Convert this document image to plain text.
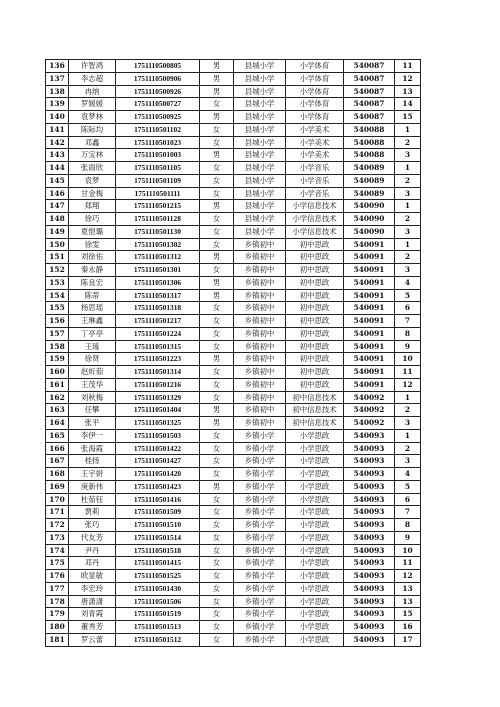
136	许智鸿	1751110500805	男	县城小学	小学体育	540087	11
137	李志超	1751110500906	男	县城小学	小学体育	540087	12
138	冉纳	1751110500926	男	县城小学	小学体育	540087	13
139	罗媛媛	1751110500727	女	县城小学	小学体育	540087	14
140	袁梦林	1751110500925	男	县城小学	小学体育	540087	15
141	陈际均	1751110501102	女	县城小学	小学美术	540088	1
142	邓鑫	1751110501023	女	县城小学	小学美术	540088	2
143	万宝林	1751110501003	男	县城小学	小学美术	540088	3
144	张雨欣	1751110501105	女	县城小学	小学音乐	540089	1
145	袁梦	1751110501109	女	县城小学	小学音乐	540089	2
146	甘金梅	1751110501111	女	县城小学	小学音乐	540089	3
147	郑翔	1751110501215	男	县城小学	小学信息技术	540090	1
148	徐巧	1751110501128	女	县城小学	小学信息技术	540090	2
149	夏悒璐	1751110501130	女	县城小学	小学信息技术	540090	3
150	徐雯	1751110501302	女	乡镇初中	初中思政	540091	1
151	刘徐佑	1751110501312	男	乡镇初中	初中思政	540091	2
152	秦永静	1751110501301	女	乡镇初中	初中思政	540091	3
153	陈良宏	1751110501306	男	乡镇初中	初中思政	540091	4
154	陈蒂	1751110501317	男	乡镇初中	初中思政	540091	5
155	杨思瑶	1751110501318	女	乡镇初中	初中思政	540091	6
156	王琳鑫	1751110501217	女	乡镇初中	初中思政	540091	7
157	丁亭亭	1751110501224	女	乡镇初中	初中思政	540091	8
158	王瑗	1751110501315	女	乡镇初中	初中思政	540091	9
159	徐贤	1751110501223	男	乡镇初中	初中思政	540091	10
160	赵炘茹	1751110501314	女	乡镇初中	初中思政	540091	11
161	王茂华	1751110501216	女	乡镇初中	初中思政	540091	12
162	刘秋梅	1751110501329	女	乡镇初中	初中信息技术	540092	1
163	任攀	1751110501404	男	乡镇初中	初中信息技术	540092	2
164	张平	1751110501325	男	乡镇初中	初中信息技术	540092	3
165	李伊一	1751110501503	女	乡镇小学	小学思政	540093	1
166	张海霞	1751110501422	女	乡镇小学	小学思政	540093	2
167	桂扬	1751110501427	女	乡镇小学	小学思政	540093	3
168	王宇妍	1751110501420	女	乡镇小学	小学思政	540093	4
169	庚新伟	1751110501423	男	乡镇小学	小学思政	540093	5
170	杜茹钰	1751110501416	女	乡镇小学	小学思政	540093	6
171	贾莉	1751110501509	女	乡镇小学	小学思政	540093	7
172	张巧	1751110501510	女	乡镇小学	小学思政	540093	8
173	代友芳	1751110501514	女	乡镇小学	小学思政	540093	9
174	尹丹	1751110501518	女	乡镇小学	小学思政	540093	10
175	邓丹	1751110501415	女	乡镇小学	小学思政	540093	11
176	欧显敏	1751110501525	女	乡镇小学	小学思政	540093	12
177	李宏玲	1751110501430	女	乡镇小学	小学思政	540093	13
178	唐潇潇	1751110501506	女	乡镇小学	小学思政	540093	13
179	刘青霞	1751110501519	女	乡镇小学	小学思政	540093	15
180	董秀芳	1751110501513	女	乡镇小学	小学思政	540093	16
181	罗云蕾	1751110501512	女	乡镇小学	小学思政	540093	17
